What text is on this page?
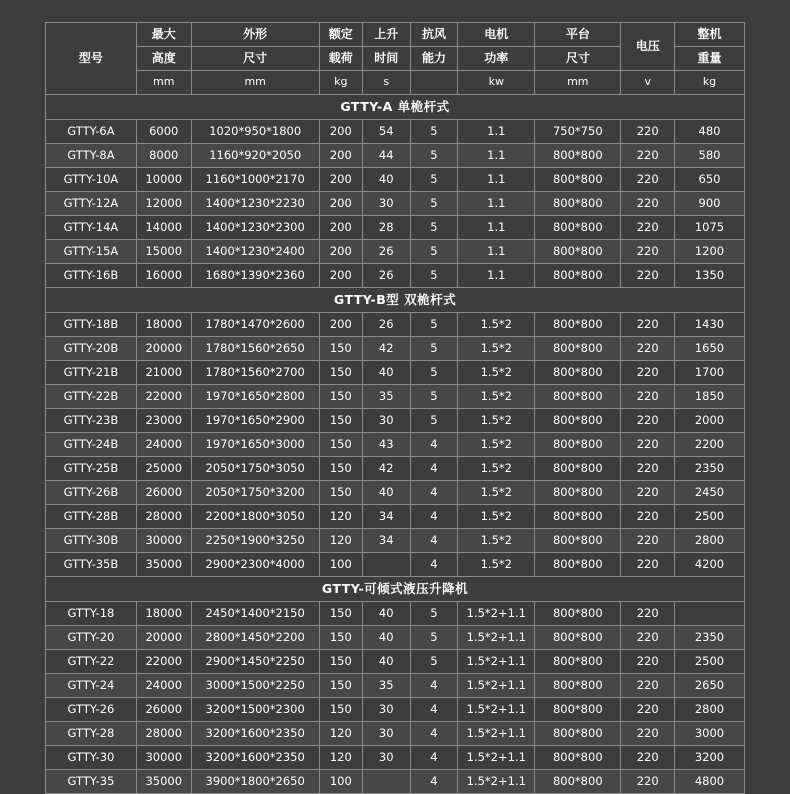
型号	最大	外形	额定	上升	抗风	电机	平台	电压	整机
	高度	尺寸	载荷	时间	能力	功率	尺寸		重量
	mm	mm	kg	s		kw	mm	v	kg
GTTY-A 单桅杆式									
GTTY-6A	6000	1020*950*1800	200	54	5	1.1	750*750	220	480
GTTY-8A	8000	1160*920*2050	200	44	5	1.1	800*800	220	580
GTTY-10A	10000	1160*1000*2170	200	40	5	1.1	800*800	220	650
GTTY-12A	12000	1400*1230*2230	200	30	5	1.1	800*800	220	900
GTTY-14A	14000	1400*1230*2300	200	28	5	1.1	800*800	220	1075
GTTY-15A	15000	1400*1230*2400	200	26	5	1.1	800*800	220	1200
GTTY-16B	16000	1680*1390*2360	200	26	5	1.1	800*800	220	1350
GTTY-B型 双桅杆式									
GTTY-18B	18000	1780*1470*2600	200	26	5	1.5*2	800*800	220	1430
GTTY-20B	20000	1780*1560*2650	150	42	5	1.5*2	800*800	220	1650
GTTY-21B	21000	1780*1560*2700	150	40	5	1.5*2	800*800	220	1700
GTTY-22B	22000	1970*1650*2800	150	35	5	1.5*2	800*800	220	1850
GTTY-23B	23000	1970*1650*2900	150	30	5	1.5*2	800*800	220	2000
GTTY-24B	24000	1970*1650*3000	150	43	4	1.5*2	800*800	220	2200
GTTY-25B	25000	2050*1750*3050	150	42	4	1.5*2	800*800	220	2350
GTTY-26B	26000	2050*1750*3200	150	40	4	1.5*2	800*800	220	2450
GTTY-28B	28000	2200*1800*3050	120	34	4	1.5*2	800*800	220	2500
GTTY-30B	30000	2250*1900*3250	120	34	4	1.5*2	800*800	220	2800
GTTY-35B	35000	2900*2300*4000	100		4	1.5*2	800*800	220	4200
GTTY-可倾式液压升降机									
GTTY-18	18000	2450*1400*2150	150	40	5	1.5*2+1.1	800*800	220	
GTTY-20	20000	2800*1450*2200	150	40	5	1.5*2+1.1	800*800	220	2350
GTTY-22	22000	2900*1450*2250	150	40	5	1.5*2+1.1	800*800	220	2500
GTTY-24	24000	3000*1500*2250	150	35	4	1.5*2+1.1	800*800	220	2650
GTTY-26	26000	3200*1500*2300	150	30	4	1.5*2+1.1	800*800	220	2800
GTTY-28	28000	3200*1600*2350	120	30	4	1.5*2+1.1	800*800	220	3000
GTTY-30	30000	3200*1600*2350	120	30	4	1.5*2+1.1	800*800	220	3200
GTTY-35	35000	3900*1800*2650	100		4	1.5*2+1.1	800*800	220	4800
